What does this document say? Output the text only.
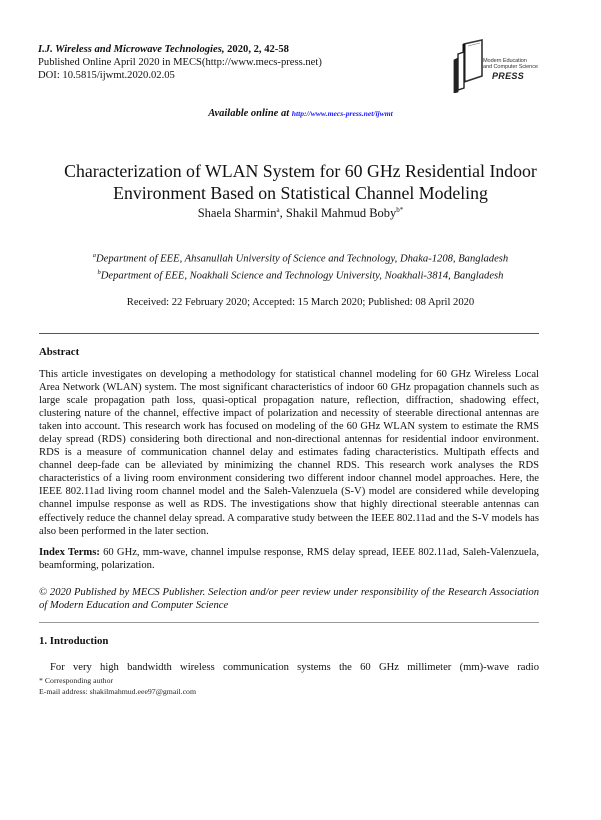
I.J. Wireless and Microwave Technologies, 2020, 2, 42-58
Published Online April 2020 in MECS(http://www.mecs-press.net)
DOI: 10.5815/ijwmt.2020.02.05
Modern Education
and Computer Science
PRESS
Available online at http://www.mecs-press.net/ijwmt
Characterization of WLAN System for 60 GHz Residential Indoor
Environment Based on Statistical Channel Modeling
Shaela Sharmin$^a$, Shakil Mahmud Boby$^{b*}$
$^a$Department of EEE, Ahsanullah University of Science and Technology, Dhaka-1208, Bangladesh
$^b$Department of EEE, Noakhali Science and Technology University, Noakhali-3814, Bangladesh
Received: 22 February 2020; Accepted: 15 March 2020; Published: 08 April 2020
Abstract
This article investigates on developing a methodology for statistical channel modeling for 60 GHz Wireless Local Area Network (WLAN) system. The most significant characteristics of indoor 60 GHz propagation channels such as large scale propagation path loss, quasi-optical propagation nature, reflection, diffraction, shadowing effect, clustering nature of the channel, effective impact of polarization and necessity of steerable directional antennas are taken into account. This research work has focused on modeling of the 60 GHz WLAN system to estimate the RMS delay spread (RDS) considering both directional and non-directional antennas for residential indoor environment. RDS is a measure of communication channel delay and estimates fading characteristics. Multipath effects and channel deep-fade can be alleviated by minimizing the channel RDS. This research work analyses the RDS characteristics of a living room environment considering two different indoor channel model approaches. Here, the IEEE 802.11ad living room channel model and the Saleh-Valenzuela (S-V) model are considered while developing channel impulse response as well as RDS. The investigations show that highly directional steerable antennas can effectively reduce the channel delay spread. A comparative study between the IEEE 802.11ad and the S-V models has also been performed in the later section.
Index Terms: 60 GHz, mm-wave, channel impulse response, RMS delay spread, IEEE 802.11ad, Saleh-Valenzuela, beamforming, polarization.
© 2020 Published by MECS Publisher. Selection and/or peer review under responsibility of the Research Association of Modern Education and Computer Science
1. Introduction
For very high bandwidth wireless communication systems the 60 GHz millimeter (mm)-wave radio
* Corresponding author
E-mail address: shakilmahmud.eee97@gmail.com
